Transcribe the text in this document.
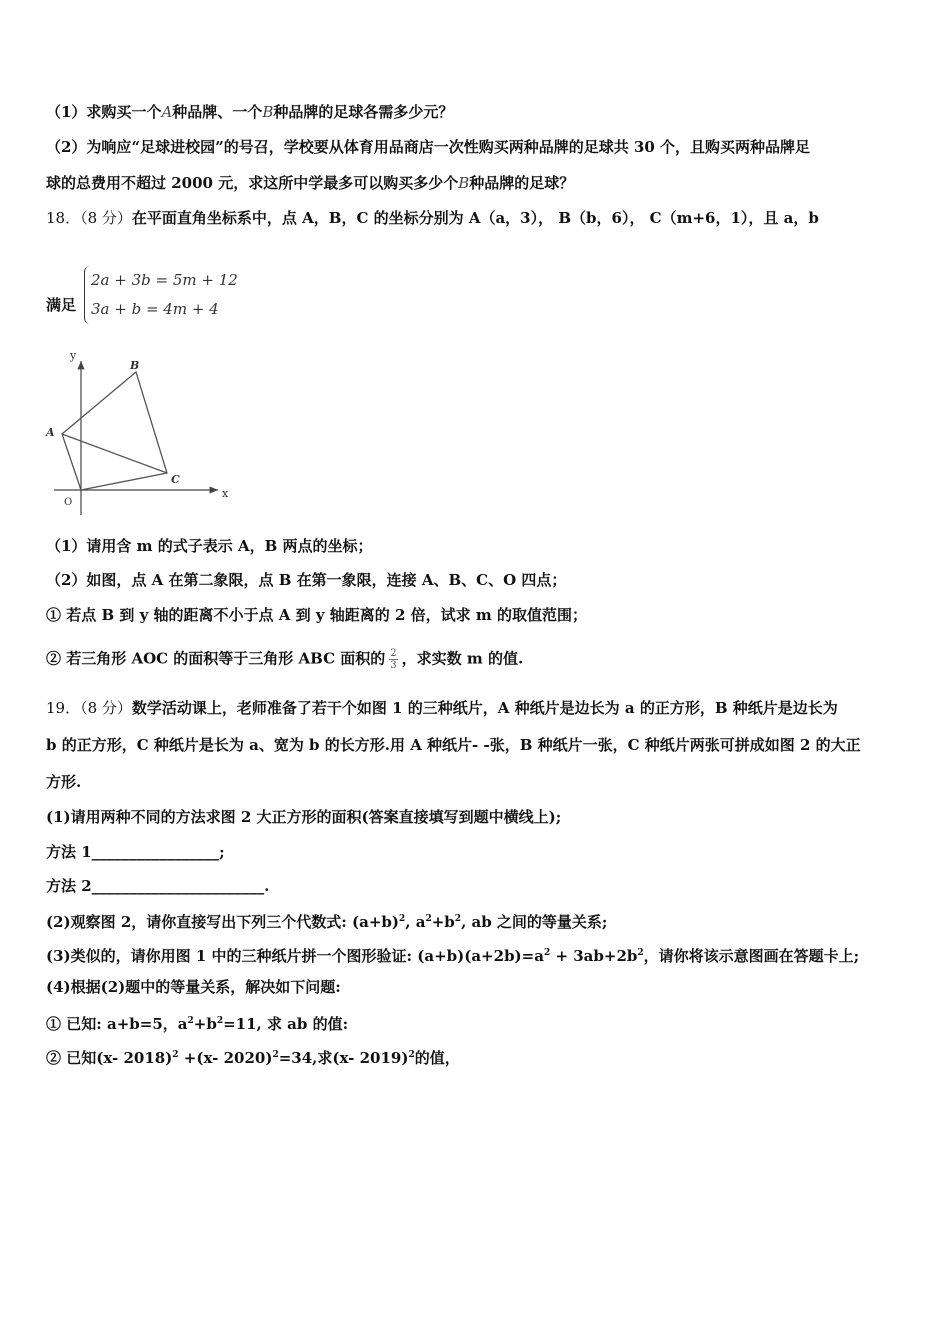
（1）求购买一个A种品牌、一个B种品牌的足球各需多少元？
（2）为响应“足球进校园”的号召，学校要从体育用品商店一次性购买两种品牌的足球共 30 个，且购买两种品牌足
球的总费用不超过 2000 元，求这所中学最多可以购买多少个B种品牌的足球？
18．（8 分）在平面直角坐标系中，点 A，B，C 的坐标分别为 A（a，3）， B（b，6）， C（m+6，1），且 a，b
满足
2a + 3b = 5m + 12
3a + b = 4m + 4
y
x
O
A
B
C
（1）请用含 m 的式子表示 A，B 两点的坐标；
（2）如图，点 A 在第二象限，点 B 在第一象限，连接 A、B、C、O 四点；
① 若点 B 到 y 轴的距离不小于点 A 到 y 轴距离的 2 倍，试求 m 的取值范围；
② 若三角形 AOC 的面积等于三角形 ABC 面积的 $\frac{2}{3}$ ，求实数 m 的值.
19．（8 分）数学活动课上，老师准备了若干个如图 1 的三种纸片，A 种纸片是边长为 a 的正方形，B 种纸片是边长为
b 的正方形，C 种纸片是长为 a、宽为 b 的长方形.用 A 种纸片- -张，B 种纸片一张，C 种纸片两张可拼成如图 2 的大正
方形.
(1)请用两种不同的方法求图 2 大正方形的面积(答案直接填写到题中横线上);
方法 1_________________;
方法 2_______________________.
(2)观察图 2，请你直接写出下列三个代数式: $(a+b)^2$, $a^2+b^2$, ab 之间的等量关系;
(3)类似的，请你用图 1 中的三种纸片拼一个图形验证: $(a+b)(a+2b)=a^2 + 3ab+2b^2$，请你将该示意图画在答题卡上;
(4)根据(2)题中的等量关系，解决如下问题:
① 已知: a+b=5，$a^2+b^2=11$, 求 ab 的值:
② 已知(x- 2018)$^2$ +(x- 2020)$^2$=34,求(x- 2019)$^2$的值，
